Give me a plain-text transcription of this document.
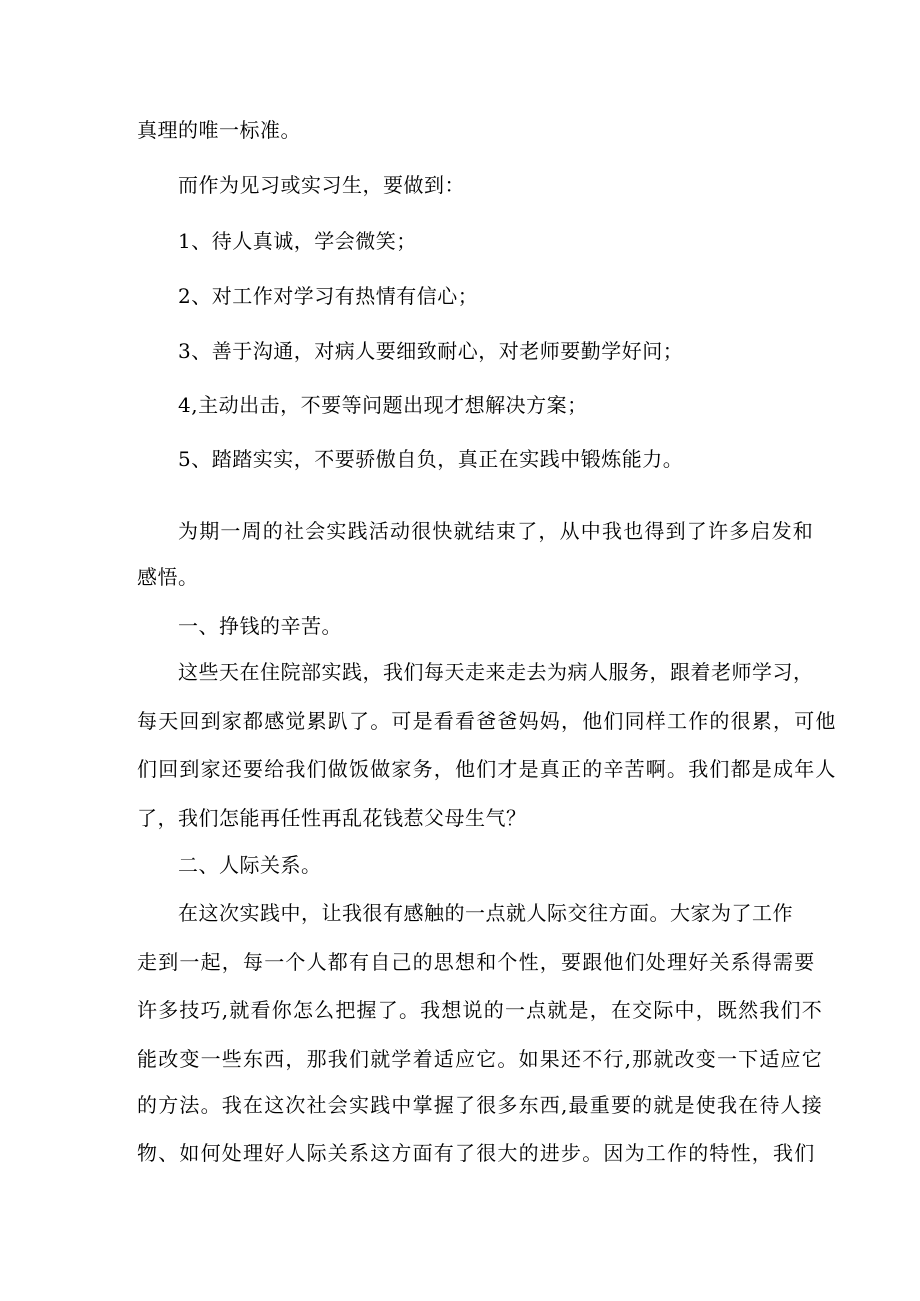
真理的唯一标准。
而作为见习或实习生，要做到：
1、待人真诚，学会微笑；
2、对工作对学习有热情有信心；
3、善于沟通，对病人要细致耐心，对老师要勤学好问；
4,主动出击，不要等问题出现才想解决方案；
5、踏踏实实，不要骄傲自负，真正在实践中锻炼能力。
为期一周的社会实践活动很快就结束了，从中我也得到了许多启发和
感悟。
一、挣钱的辛苦。
这些天在住院部实践，我们每天走来走去为病人服务，跟着老师学习，
每天回到家都感觉累趴了。可是看看爸爸妈妈，他们同样工作的很累，可他
们回到家还要给我们做饭做家务，他们才是真正的辛苦啊。我们都是成年人
了，我们怎能再任性再乱花钱惹父母生气？
二、人际关系。
在这次实践中，让我很有感触的一点就人际交往方面。大家为了工作
走到一起，每一个人都有自己的思想和个性，要跟他们处理好关系得需要
许多技巧,就看你怎么把握了。我想说的一点就是，在交际中，既然我们不
能改变一些东西，那我们就学着适应它。如果还不行,那就改变一下适应它
的方法。我在这次社会实践中掌握了很多东西,最重要的就是使我在待人接
物、如何处理好人际关系这方面有了很大的进步。因为工作的特性，我们
